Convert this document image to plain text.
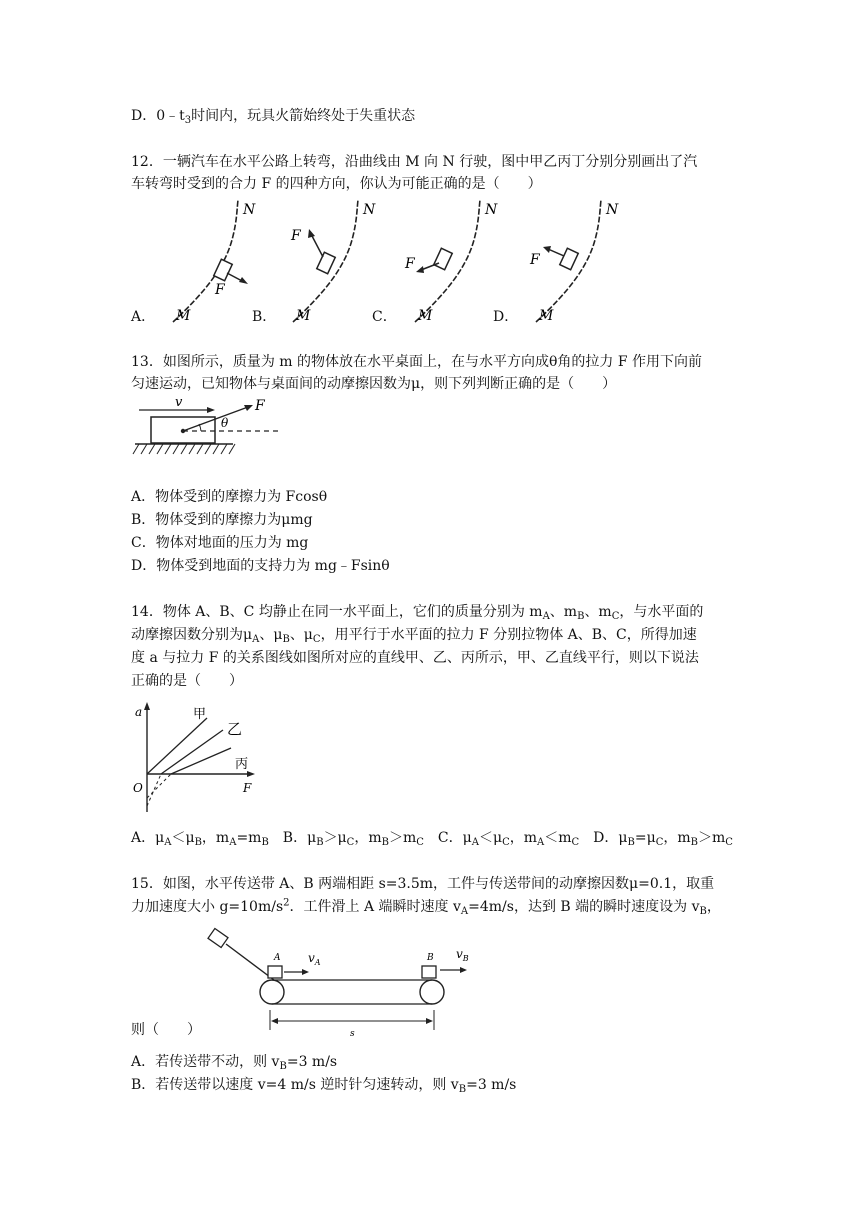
D．$0﹣t_3$时间内，玩具火箭始终处于失重状态
12．一辆汽车在水平公路上转弯，沿曲线由 M 向 N 行驶，图中甲乙丙丁分别分别画出了汽
车转弯时受到的合力 F 的四种方向，你认为可能正确的是（　　）
A．
F
M
N
B．
F
M
N
C．
F
M
N
D．
F
M
N
13．如图所示，质量为 m 的物体放在水平桌面上，在与水平方向成θ角的拉力 F 作用下向前
匀速运动，已知物体与桌面间的动摩擦因数为μ，则下列判断正确的是（　　）
v	F
θ
A．物体受到的摩擦力为 Fcosθ
B．物体受到的摩擦力为μmg
C．物体对地面的压力为 mg
D．物体受到地面的支持力为 mg﹣Fsinθ
14．物体 A、B、C 均静止在同一水平面上，它们的质量分别为 $m_A$、$m_B$、$m_C$，与水平面的
动摩擦因数分别为$\mu_A$、$\mu_B$、$\mu_C$，用平行于水平面的拉力 F 分别拉物体 A、B、C，所得加速
度 a 与拉力 F 的关系图线如图所对应的直线甲、乙、丙所示，甲、乙直线平行，则以下说法
正确的是（　　）
a
F
O
甲
乙
丙
A．$\mu_A<\mu_B$，$m_A=m_B$　B．$\mu_B>\mu_C$，$m_B>m_C$　C．$\mu_A<\mu_C$，$m_A<m_C$　D．$\mu_B=\mu_C$，$m_B>m_C$
15．如图，水平传送带 A、B 两端相距 s=3.5m，工件与传送带间的动摩擦因数μ=0.1，取重
力加速度大小 $g=10m/s^2$．工件滑上 A 端瞬时速度 $v_A=4m/s$，达到 B 端的瞬时速度设为 $v_B$，
A $v_A$	B $v_B$
s
则（　　）
A．若传送带不动，则 $v_B=3$ m/s
B．若传送带以速度 v=4 m/s 逆时针匀速转动，则 $v_B=3$ m/s
